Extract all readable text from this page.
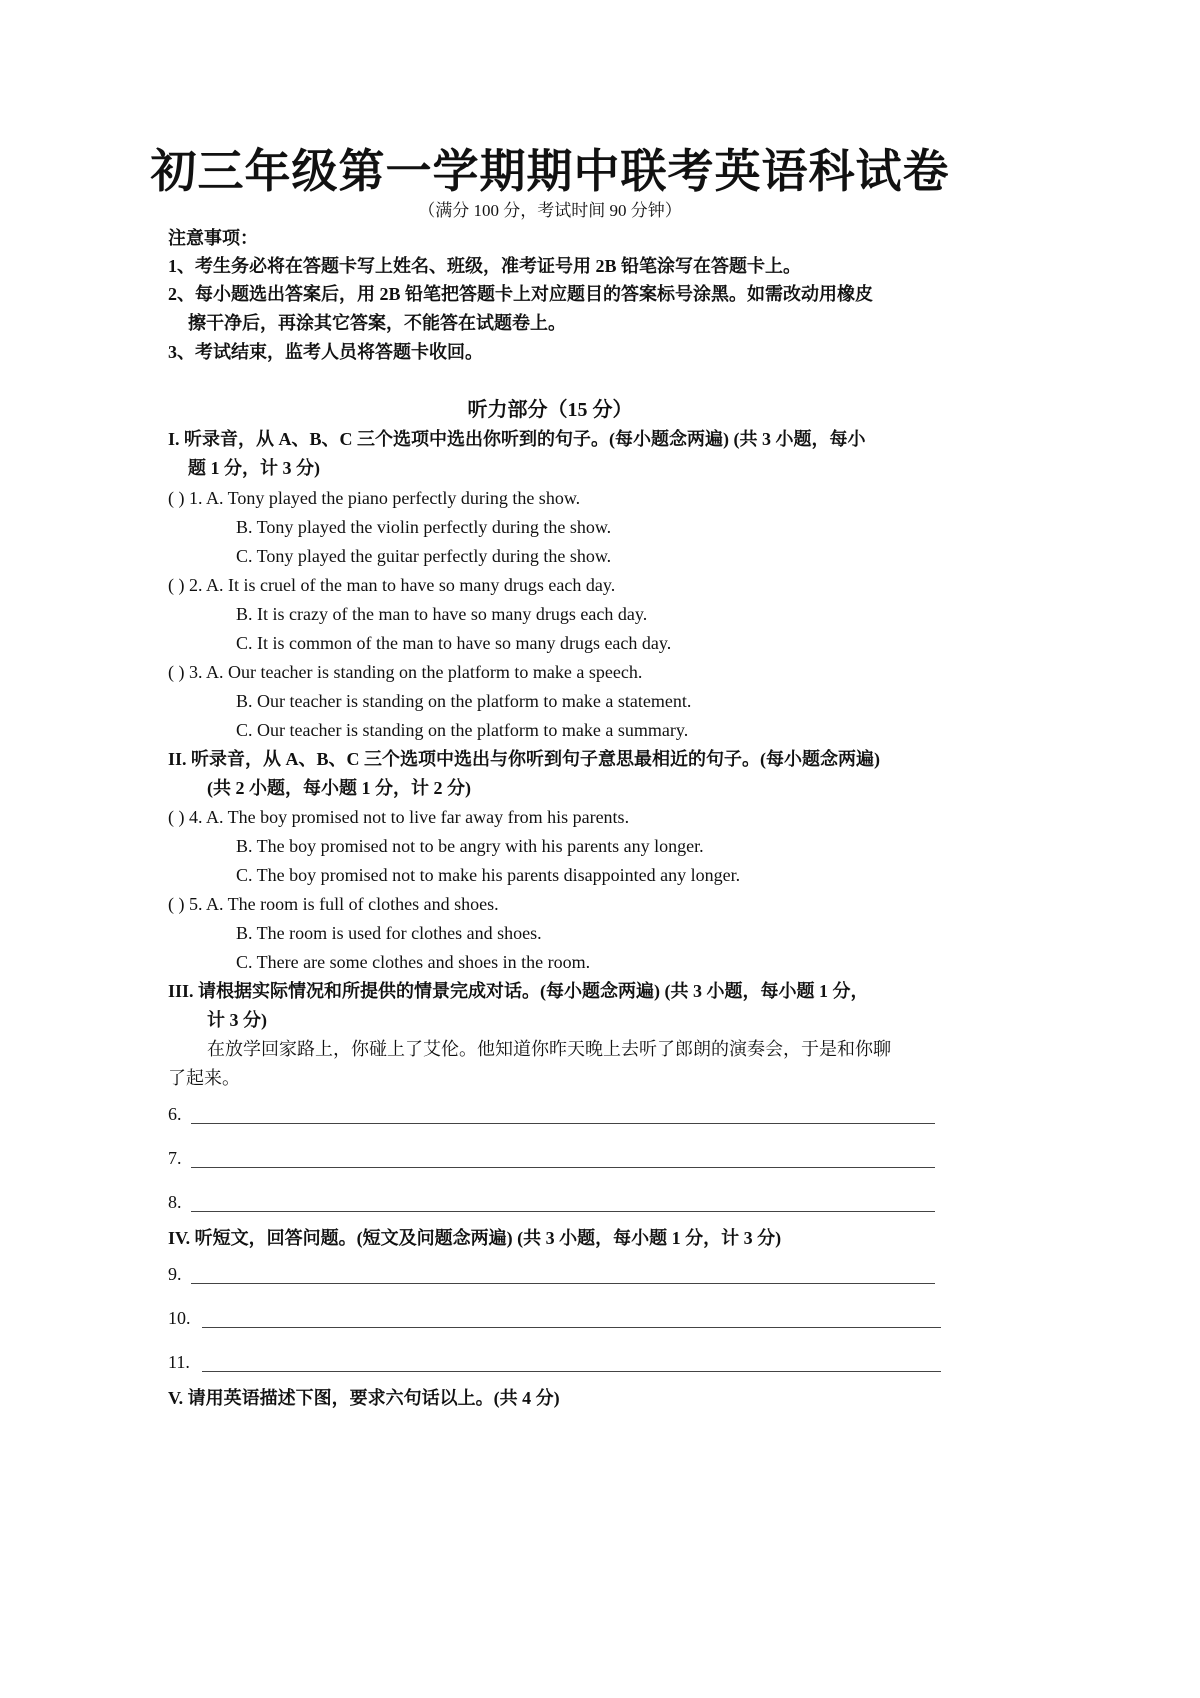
初三年级第一学期期中联考英语科试卷
（满分 100 分，考试时间 90 分钟）
注意事项：
1、考生务必将在答题卡写上姓名、班级，准考证号用 2B 铅笔涂写在答题卡上。
2、每小题选出答案后，用 2B 铅笔把答题卡上对应题目的答案标号涂黑。如需改动用橡皮
擦干净后，再涂其它答案，不能答在试题卷上。
3、考试结束，监考人员将答题卡收回。
听力部分（15 分）
I. 听录音，从 A、B、C 三个选项中选出你听到的句子。(每小题念两遍) (共 3 小题，每小
题 1 分，计 3 分)
( ) 1. A. Tony played the piano perfectly during the show.
B. Tony played the violin perfectly during the show.
C. Tony played the guitar perfectly during the show.
( ) 2. A. It is cruel of the man to have so many drugs each day.
B. It is crazy of the man to have so many drugs each day.
C. It is common of the man to have so many drugs each day.
( ) 3. A. Our teacher is standing on the platform to make a speech.
B. Our teacher is standing on the platform to make a statement.
C. Our teacher is standing on the platform to make a summary.
II. 听录音，从 A、B、C 三个选项中选出与你听到句子意思最相近的句子。(每小题念两遍)
(共 2 小题，每小题 1 分，计 2 分)
( ) 4. A. The boy promised not to live far away from his parents.
B. The boy promised not to be angry with his parents any longer.
C. The boy promised not to make his parents disappointed any longer.
( ) 5. A. The room is full of clothes and shoes.
B. The room is used for clothes and shoes.
C. There are some clothes and shoes in the room.
III. 请根据实际情况和所提供的情景完成对话。(每小题念两遍) (共 3 小题，每小题 1 分，
计 3 分)
在放学回家路上，你碰上了艾伦。他知道你昨天晚上去听了郎朗的演奏会，于是和你聊
了起来。
6.
7.
8.
IV. 听短文，回答问题。(短文及问题念两遍) (共 3 小题，每小题 1 分，计 3 分)
9.
10.
11.
V. 请用英语描述下图，要求六句话以上。(共 4 分)
